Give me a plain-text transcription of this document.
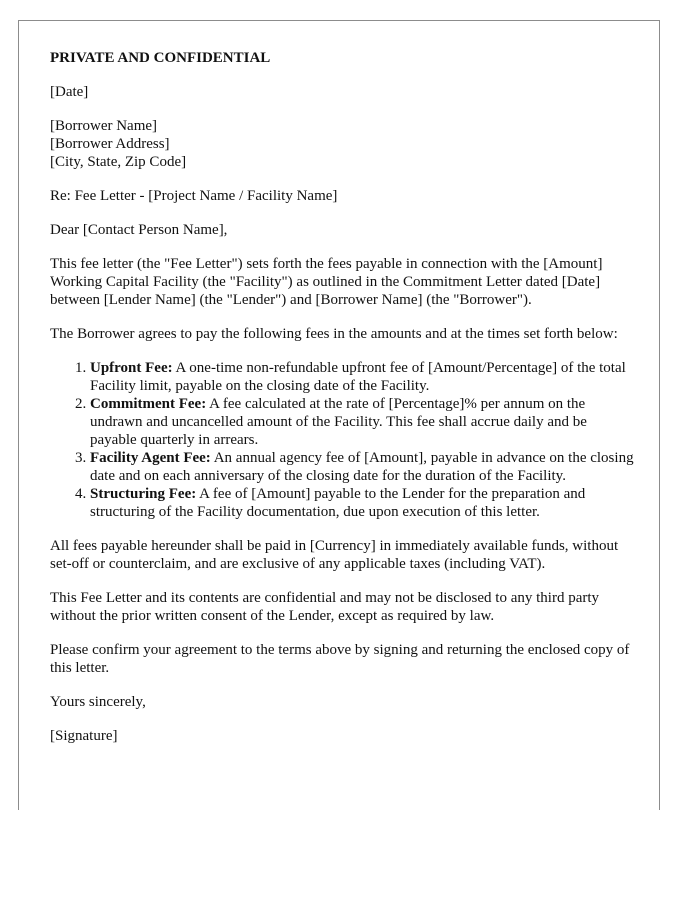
PRIVATE AND CONFIDENTIAL

[Date]

[Borrower Name]
[Borrower Address]
[City, State, Zip Code]

Re: Fee Letter - [Project Name / Facility Name]

Dear [Contact Person Name],

This fee letter (the "Fee Letter") sets forth the fees payable in connection with the [Amount] Working Capital Facility (the "Facility") as outlined in the Commitment Letter dated [Date] between [Lender Name] (the "Lender") and [Borrower Name] (the "Borrower").

The Borrower agrees to pay the following fees in the amounts and at the times set forth below:

1. Upfront Fee: A one-time non-refundable upfront fee of [Amount/Percentage] of the total Facility limit, payable on the closing date of the Facility.
2. Commitment Fee: A fee calculated at the rate of [Percentage]% per annum on the undrawn and uncancelled amount of the Facility. This fee shall accrue daily and be payable quarterly in arrears.
3. Facility Agent Fee: An annual agency fee of [Amount], payable in advance on the closing date and on each anniversary of the closing date for the duration of the Facility.
4. Structuring Fee: A fee of [Amount] payable to the Lender for the preparation and structuring of the Facility documentation, due upon execution of this letter.

All fees payable hereunder shall be paid in [Currency] in immediately available funds, without set-off or counterclaim, and are exclusive of any applicable taxes (including VAT).

This Fee Letter and its contents are confidential and may not be disclosed to any third party without the prior written consent of the Lender, except as required by law.

Please confirm your agreement to the terms above by signing and returning the enclosed copy of this letter.

Yours sincerely,

[Signature]
